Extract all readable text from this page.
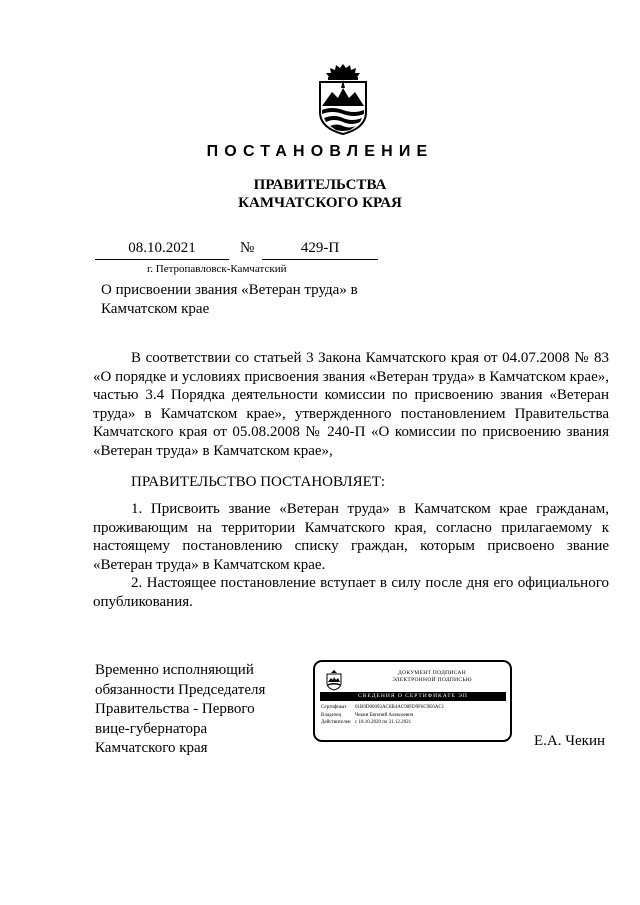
ПОСТАНОВЛЕНИЕ
ПРАВИТЕЛЬСТВА
КАМЧАТСКОГО КРАЯ
08.10.2021	№	429-П
г. Петропавловск-Камчатский
О присвоении звания «Ветеран труда» в
Камчатском крае

В соответствии со статьей 3 Закона Камчатского края от 04.07.2008 № 83 «О порядке и условиях присвоения звания «Ветеран труда» в Камчатском крае», частью 3.4 Порядка деятельности комиссии по присвоению звания «Ветеран труда» в Камчатском крае», утвержденного постановлением Правительства Камчатского края от 05.08.2008 № 240-П «О комиссии по присвоению звания «Ветеран труда» в Камчатском крае»,

ПРАВИТЕЛЬСТВО ПОСТАНОВЛЯЕТ:

1. Присвоить звание «Ветеран труда» в Камчатском крае гражданам, проживающим на территории Камчатского края, согласно прилагаемому к настоящему постановлению списку граждан, которым присвоено звание «Ветеран труда» в Камчатском крае.

2. Настоящее постановление вступает в силу после дня его официального опубликования.

Временно исполняющий
обязанности Председателя
Правительства - Первого
вице-губернатора
Камчатского края
ДОКУМЕНТ ПОДПИСАН
ЭЛЕКТРОННОЙ ПОДПИСЬЮ
СВЕДЕНИЯ О СЕРТИФИКАТЕ ЭП
Сертификат	01B9D00093AC6B4AC98FD9F6C9E6AC1
Владелец	Чекин Евгений Алексеевич
Действителен с 18.10.2020 по 31.12.2021
Е.А. Чекин
